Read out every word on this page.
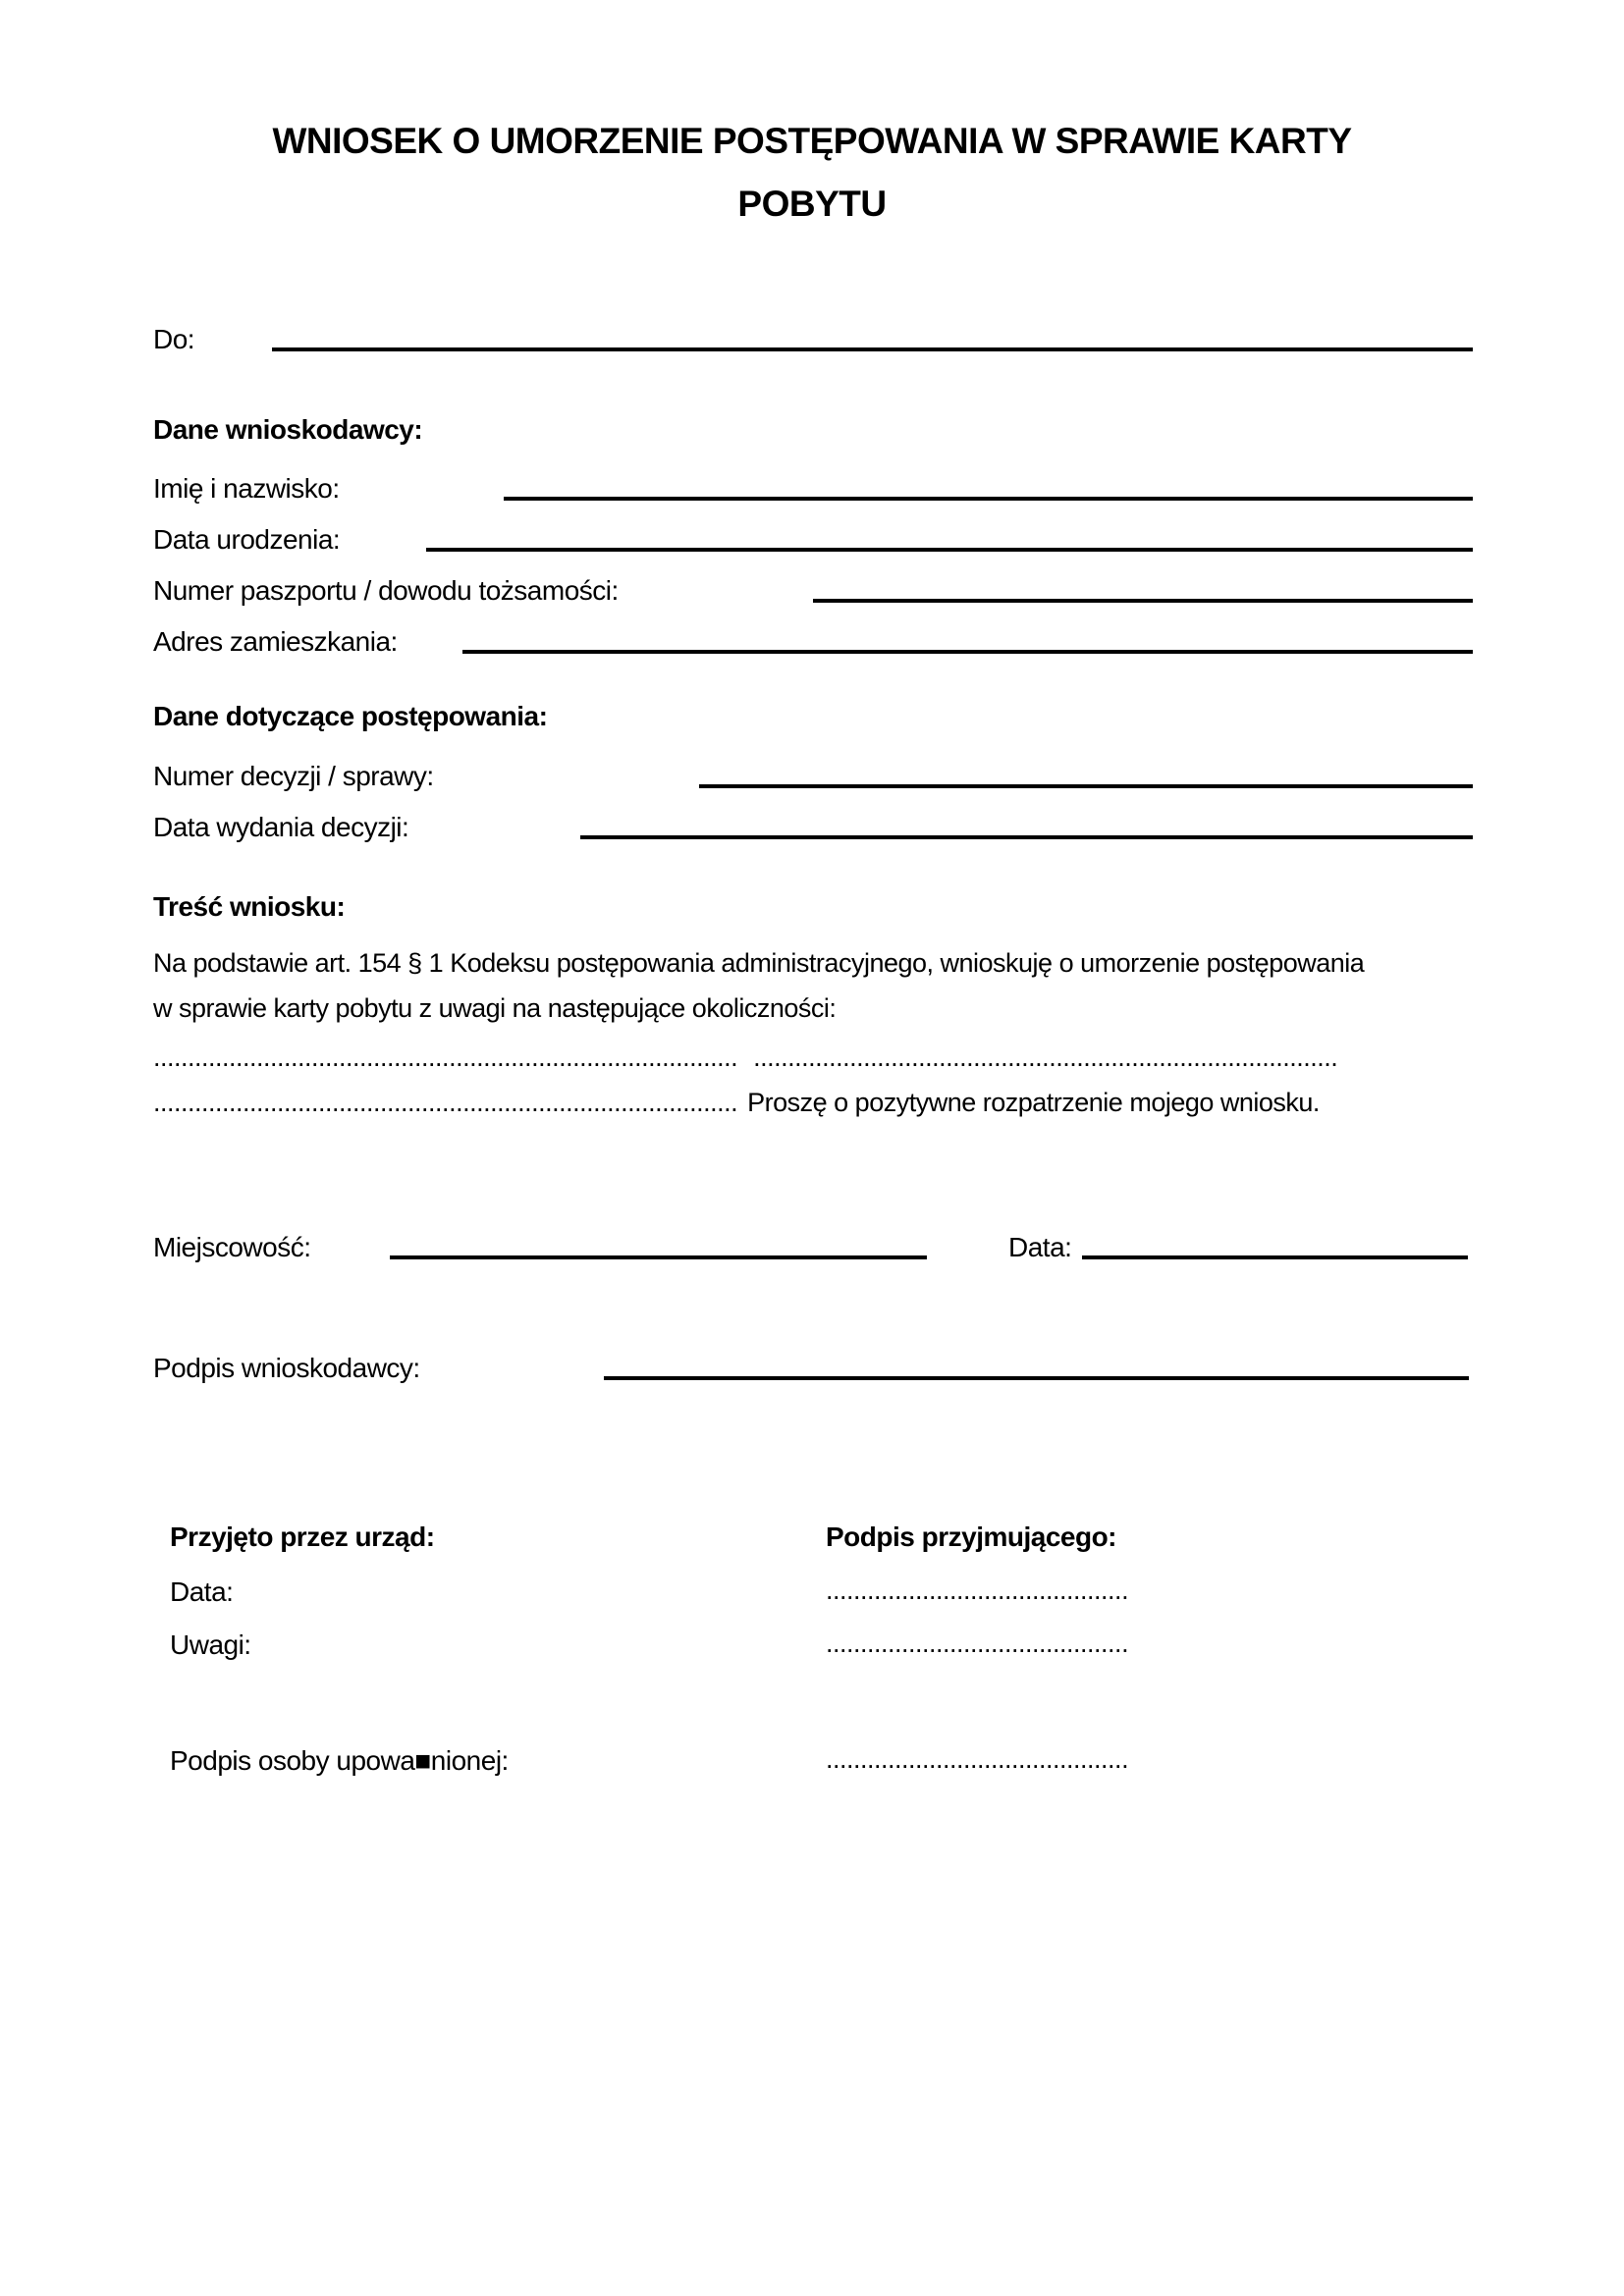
WNIOSEK O UMORZENIE POSTĘPOWANIA W SPRAWIE KARTY
POBYTU
Do:
Dane wnioskodawcy:
Imię i nazwisko:
Data urodzenia:
Numer paszportu / dowodu tożsamości:
Adres zamieszkania:
Dane dotyczące postępowania:
Numer decyzji / sprawy:
Data wydania decyzji:
Treść wniosku:
Na podstawie art. 154 § 1 Kodeksu postępowania administracyjnego, wnioskuję o umorzenie postępowania
w sprawie karty pobytu z uwagi na następujące okoliczności:
..................................................................................... .....................................................................................
..................................................................................... Proszę o pozytywne rozpatrzenie mojego wniosku.
Miejscowość:	Data:
Podpis wnioskodawcy:
Przyjęto przez urząd:	Podpis przyjmującego:
Data:	............................................
Uwagi:	............................................
Podpis osoby upowa■nionej:	............................................
